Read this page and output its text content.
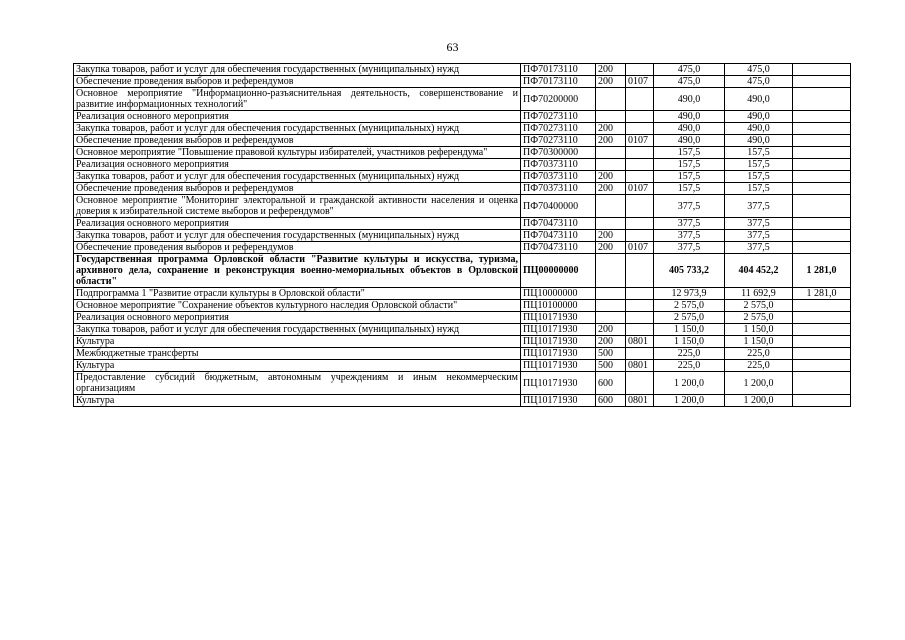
63
Закупка товаров, работ и услуг для обеспечения государственных (муниципальных) нужд	ПФ70173110	200		475,0	475,0	
Обеспечение проведения выборов и референдумов	ПФ70173110	200	0107	475,0	475,0	
Основное мероприятие "Информационно-разъяснительная деятельность, совершенствование и развитие информационных технологий"	ПФ70200000			490,0	490,0	
Реализация основного мероприятия	ПФ70273110			490,0	490,0	
Закупка товаров, работ и услуг для обеспечения государственных (муниципальных) нужд	ПФ70273110	200		490,0	490,0	
Обеспечение проведения выборов и референдумов	ПФ70273110	200	0107	490,0	490,0	
Основное мероприятие "Повышение правовой культуры избирателей, участников референдума"	ПФ70300000			157,5	157,5	
Реализация основного мероприятия	ПФ70373110			157,5	157,5	
Закупка товаров, работ и услуг для обеспечения государственных (муниципальных) нужд	ПФ70373110	200		157,5	157,5	
Обеспечение проведения выборов и референдумов	ПФ70373110	200	0107	157,5	157,5	
Основное мероприятие "Мониторинг электоральной и гражданской активности населения и оценка доверия к избирательной системе выборов и референдумов"	ПФ70400000			377,5	377,5	
Реализация основного мероприятия	ПФ70473110			377,5	377,5	
Закупка товаров, работ и услуг для обеспечения государственных (муниципальных) нужд	ПФ70473110	200		377,5	377,5	
Обеспечение проведения выборов и референдумов	ПФ70473110	200	0107	377,5	377,5	
Государственная программа Орловской области "Развитие культуры и искусства, туризма, архивного дела, сохранение и реконструкция военно-мемориальных объектов в Орловской области"	ПЦ00000000			405 733,2	404 452,2	1 281,0
Подпрограмма 1 "Развитие отрасли культуры в Орловской области"	ПЦ10000000			12 973,9	11 692,9	1 281,0
Основное мероприятие "Сохранение объектов культурного наследия Орловской области"	ПЦ10100000			2 575,0	2 575,0	
Реализация основного мероприятия	ПЦ10171930			2 575,0	2 575,0	
Закупка товаров, работ и услуг для обеспечения государственных (муниципальных) нужд	ПЦ10171930	200		1 150,0	1 150,0	
Культура	ПЦ10171930	200	0801	1 150,0	1 150,0	
Межбюджетные трансферты	ПЦ10171930	500		225,0	225,0	
Культура	ПЦ10171930	500	0801	225,0	225,0	
Предоставление субсидий бюджетным, автономным учреждениям и иным некоммерческим организациям	ПЦ10171930	600		1 200,0	1 200,0	
Культура	ПЦ10171930	600	0801	1 200,0	1 200,0	
